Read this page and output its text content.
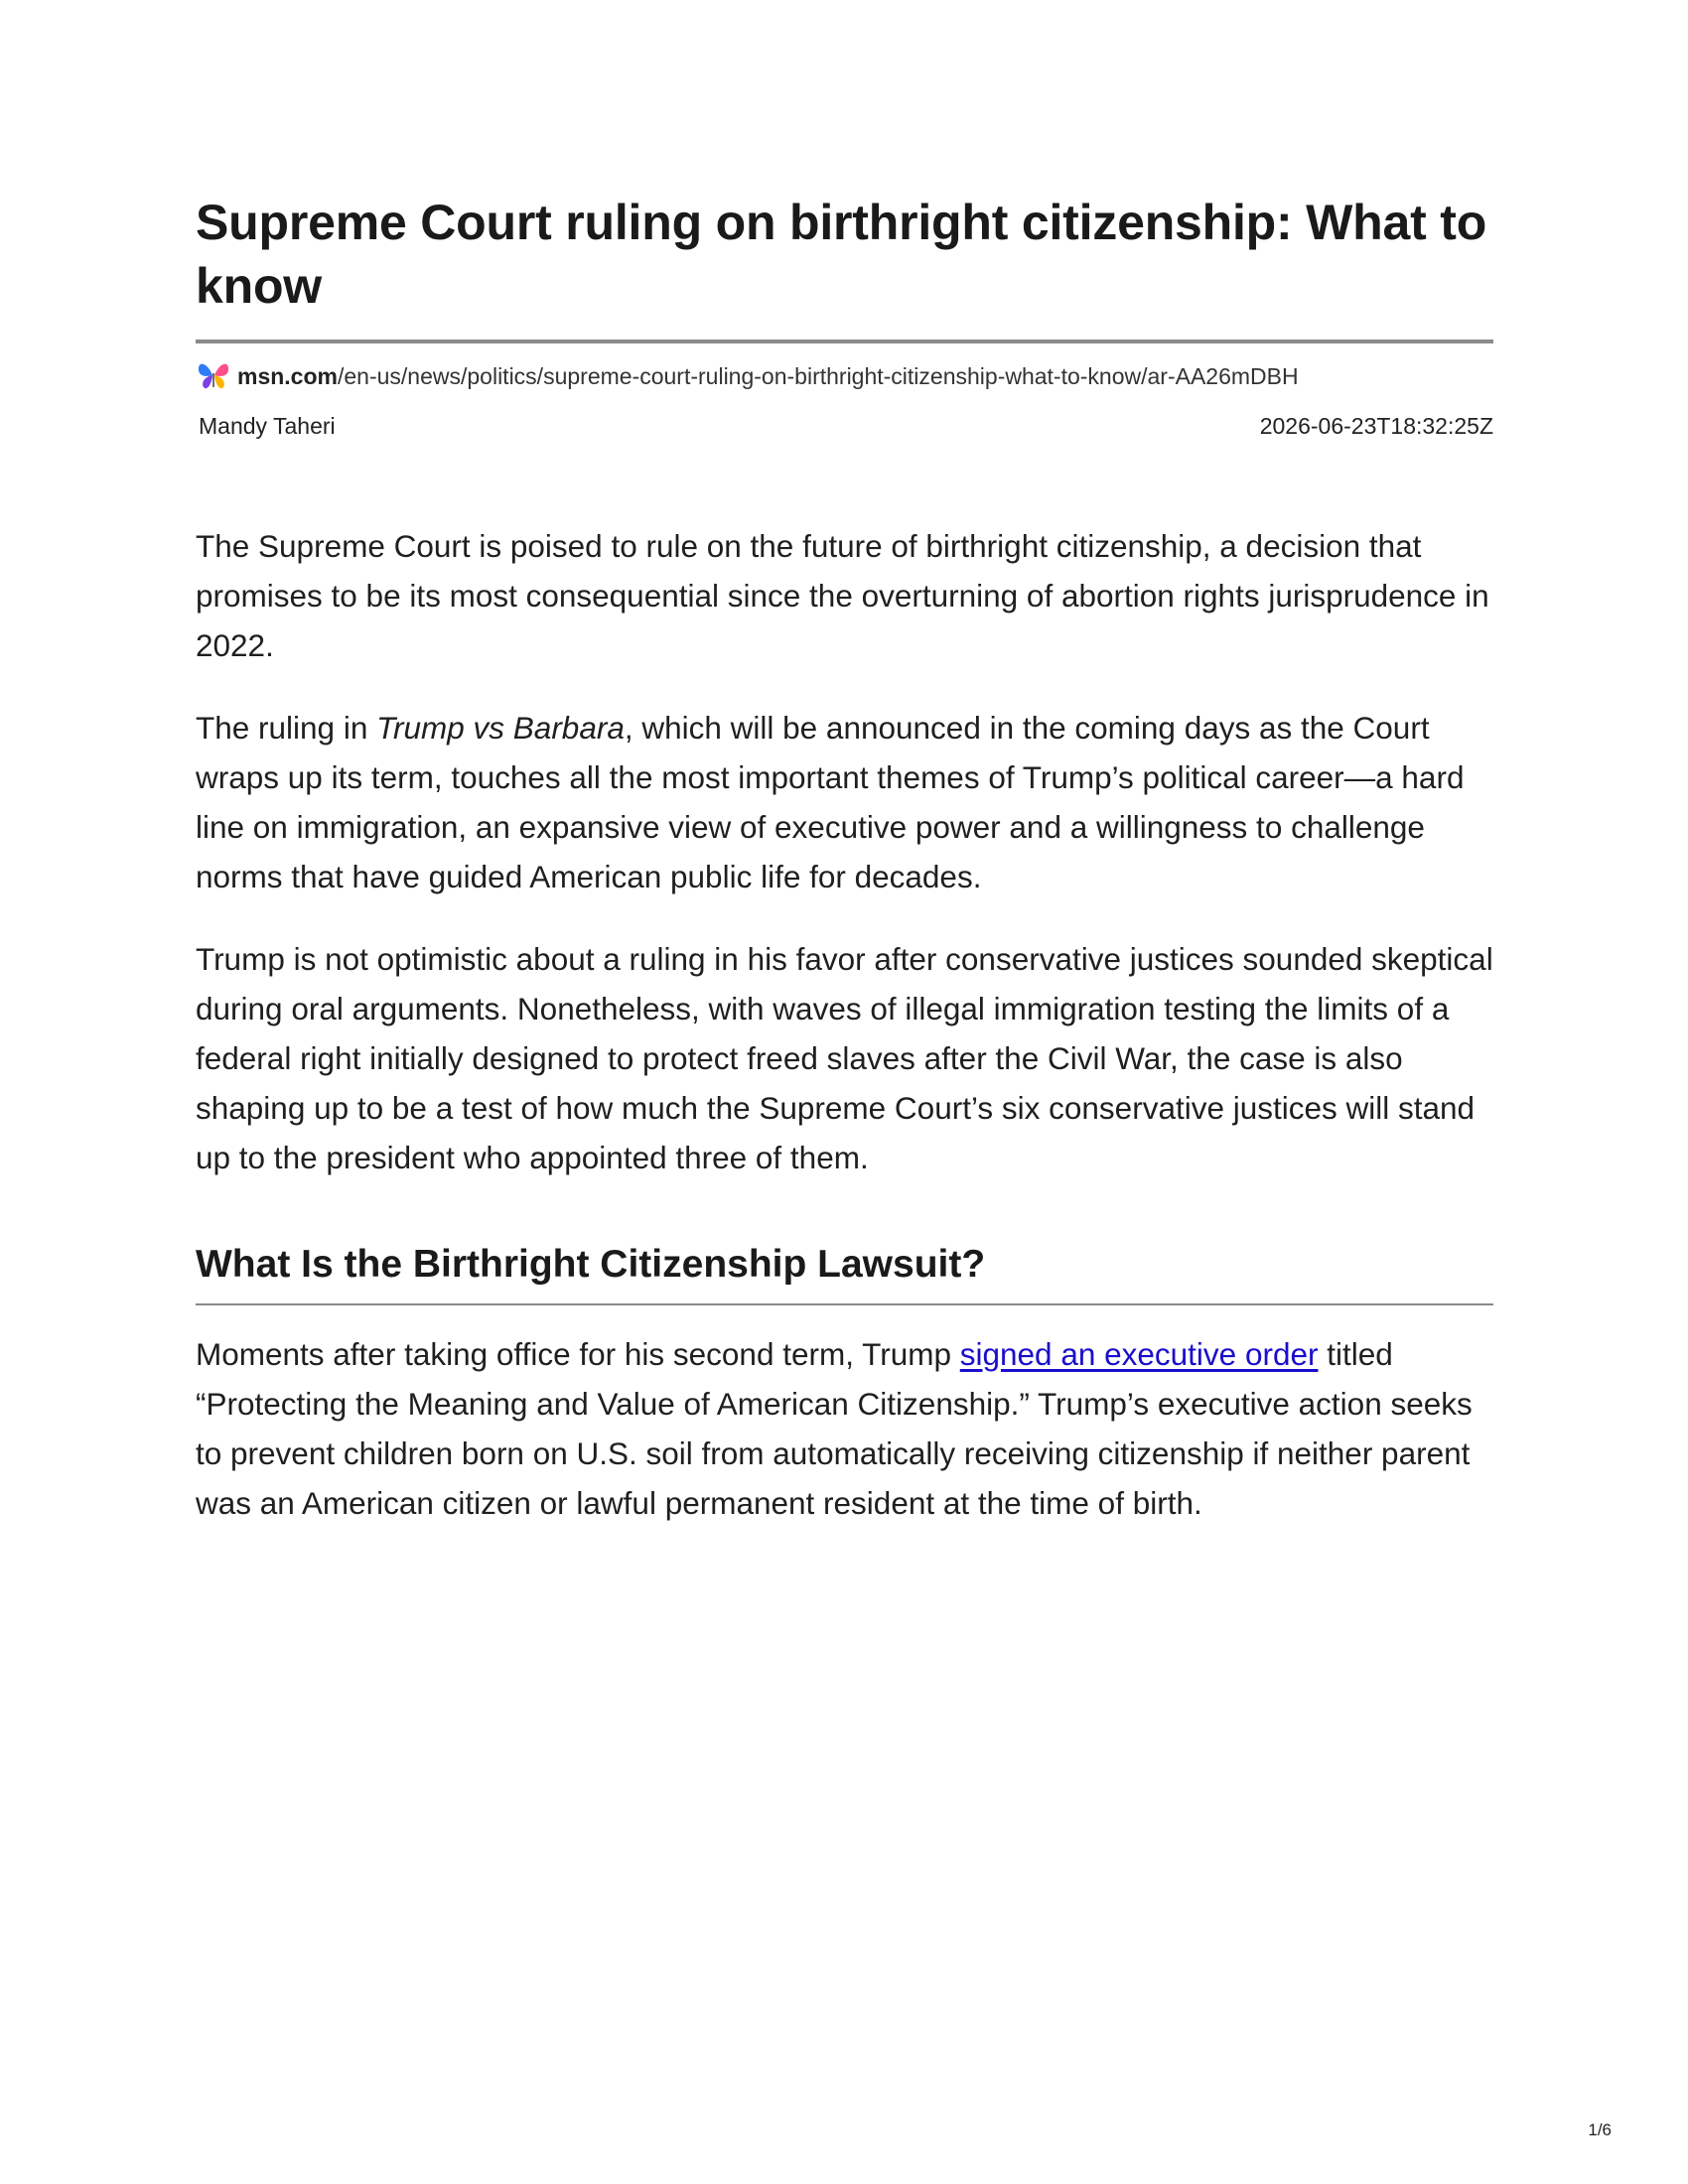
Supreme Court ruling on birthright citizenship: What to know
msn.com /en-us/news/politics/supreme-court-ruling-on-birthright-citizenship-what-to-know/ar-AA26mDBH
Mandy Taheri	2026-06-23T18:32:25Z

The Supreme Court is poised to rule on the future of birthright citizenship, a decision that promises to be its most consequential since the overturning of abortion rights jurisprudence in 2022.

The ruling in Trump vs Barbara, which will be announced in the coming days as the Court wraps up its term, touches all the most important themes of Trump’s political career—a hard line on immigration, an expansive view of executive power and a willingness to challenge norms that have guided American public life for decades.

Trump is not optimistic about a ruling in his favor after conservative justices sounded skeptical during oral arguments. Nonetheless, with waves of illegal immigration testing the limits of a federal right initially designed to protect freed slaves after the Civil War, the case is also shaping up to be a test of how much the Supreme Court’s six conservative justices will stand up to the president who appointed three of them.

What Is the Birthright Citizenship Lawsuit?

Moments after taking office for his second term, Trump signed an executive order titled “Protecting the Meaning and Value of American Citizenship.” Trump’s executive action seeks to prevent children born on U.S. soil from automatically receiving citizenship if neither parent was an American citizen or lawful permanent resident at the time of birth.

1/6
